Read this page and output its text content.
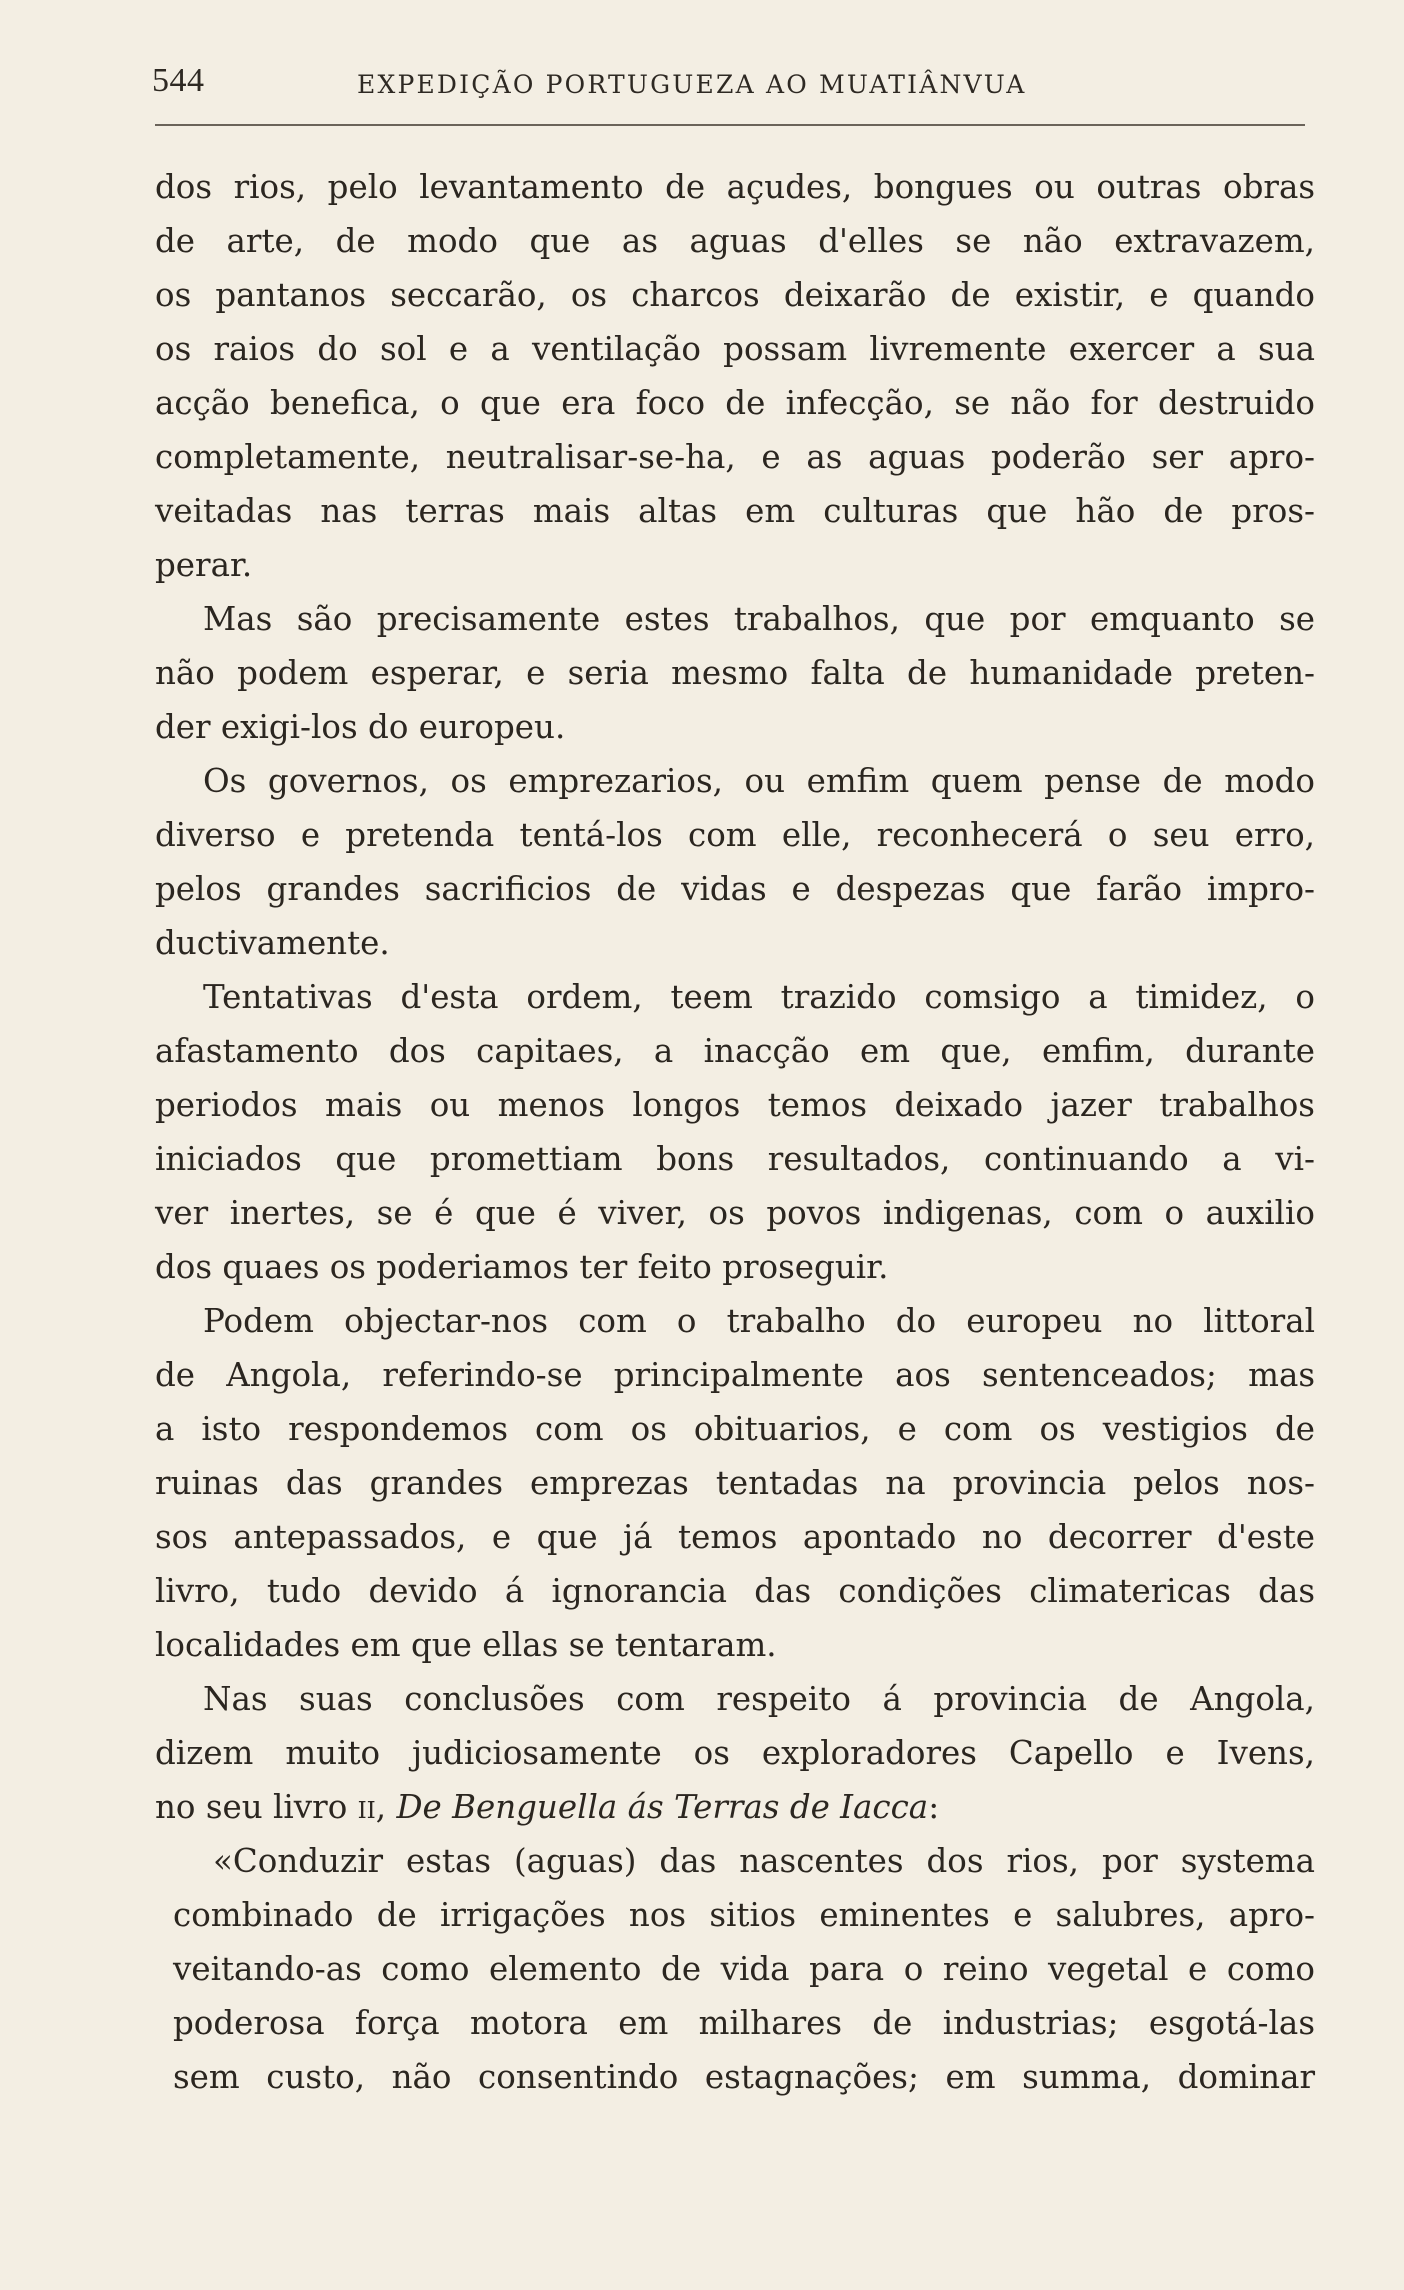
544	EXPEDIÇÃO PORTUGUEZA AO MUATIÂNVUA
dos rios, pelo levantamento de açudes, bongues ou outras obras
de arte, de modo que as aguas d'elles se não extravazem,
os pantanos seccarão, os charcos deixarão de existir, e quando
os raios do sol e a ventilação possam livremente exercer a sua
acção benefica, o que era foco de infecção, se não for destruido
completamente, neutralisar-se-ha, e as aguas poderão ser apro-
veitadas nas terras mais altas em culturas que hão de pros-
perar.
Mas são precisamente estes trabalhos, que por emquanto se
não podem esperar, e seria mesmo falta de humanidade preten-
der exigi-los do europeu.
Os governos, os emprezarios, ou emfim quem pense de modo
diverso e pretenda tentá-los com elle, reconhecerá o seu erro,
pelos grandes sacrificios de vidas e despezas que farão impro-
ductivamente.
Tentativas d'esta ordem, teem trazido comsigo a timidez, o
afastamento dos capitaes, a inacção em que, emfim, durante
periodos mais ou menos longos temos deixado jazer trabalhos
iniciados que promettiam bons resultados, continuando a vi-
ver inertes, se é que é viver, os povos indigenas, com o auxilio
dos quaes os poderiamos ter feito proseguir.
Podem objectar-nos com o trabalho do europeu no littoral
de Angola, referindo-se principalmente aos sentenceados; mas
a isto respondemos com os obituarios, e com os vestigios de
ruinas das grandes emprezas tentadas na provincia pelos nos-
sos antepassados, e que já temos apontado no decorrer d'este
livro, tudo devido á ignorancia das condições climatericas das
localidades em que ellas se tentaram.
Nas suas conclusões com respeito á provincia de Angola,
dizem muito judiciosamente os exploradores Capello e Ivens,
no seu livro ii, De Benguella ás Terras de Iacca:
«Conduzir estas (aguas) das nascentes dos rios, por systema
combinado de irrigações nos sitios eminentes e salubres, apro-
veitando-as como elemento de vida para o reino vegetal e como
poderosa força motora em milhares de industrias; esgotá-las
sem custo, não consentindo estagnações; em summa, dominar
